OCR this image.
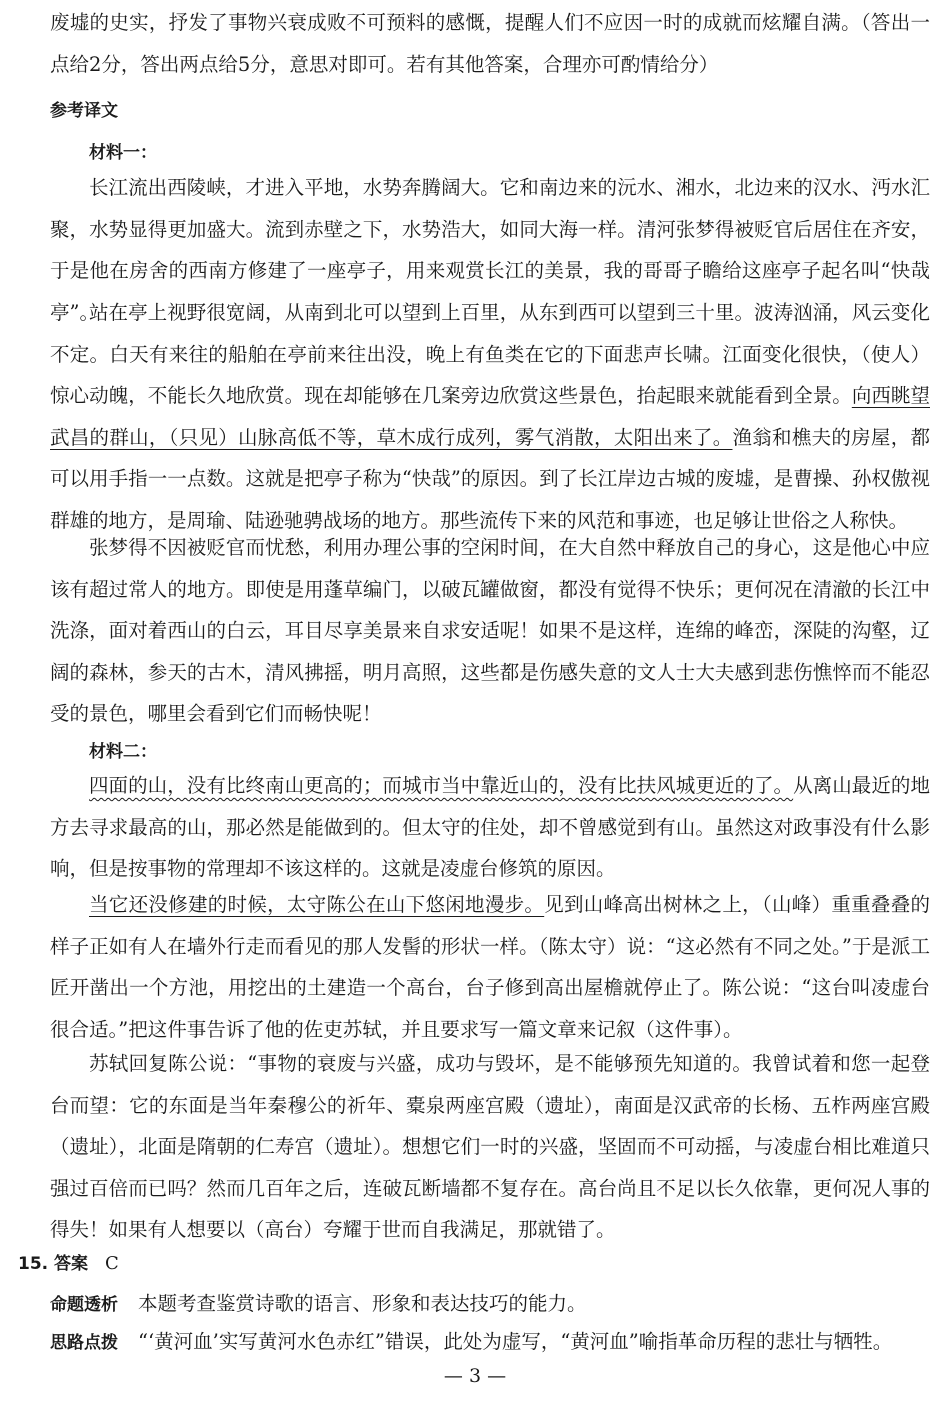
废墟的史实，抒发了事物兴衰成败不可预料的感慨，提醒人们不应因一时的成就而炫耀自满。（答出一点给2分，答出两点给5分，意思对即可。若有其他答案，合理亦可酌情给分）

参考译文
材料一：

长江流出西陵峡，才进入平地，水势奔腾阔大。它和南边来的沅水、湘水，北边来的汉水、沔水汇聚，水势显得更加盛大。流到赤壁之下，水势浩大，如同大海一样。清河张梦得被贬官后居住在齐安，于是他在房舍的西南方修建了一座亭子，用来观赏长江的美景，我的哥哥子瞻给这座亭子起名叫“快哉亭”。

站在亭上视野很宽阔，从南到北可以望到上百里，从东到西可以望到三十里。波涛汹涌，风云变化不定。白天有来往的船舶在亭前来往出没，晚上有鱼类在它的下面悲声长啸。江面变化很快，（使人）惊心动魄，不能长久地欣赏。现在却能够在几案旁边欣赏这些景色，抬起眼来就能看到全景。向西眺望武昌的群山，（只见）山脉高低不等，草木成行成列，雾气消散，太阳出来了。渔翁和樵夫的房屋，都可以用手指一一点数。这就是把亭子称为“快哉”的原因。到了长江岸边古城的废墟，是曹操、孙权傲视群雄的地方，是周瑜、陆逊驰骋战场的地方。那些流传下来的风范和事迹，也足够让世俗之人称快。

张梦得不因被贬官而忧愁，利用办理公事的空闲时间，在大自然中释放自己的身心，这是他心中应该有超过常人的地方。即使是用蓬草编门，以破瓦罐做窗，都没有觉得不快乐；更何况在清澈的长江中洗涤，面对着西山的白云，耳目尽享美景来自求安适呢！如果不是这样，连绵的峰峦，深陡的沟壑，辽阔的森林，参天的古木，清风拂摇，明月高照，这些都是伤感失意的文人士大夫感到悲伤憔悴而不能忍受的景色，哪里会看到它们而畅快呢！

材料二：

四面的山，没有比终南山更高的；而城市当中靠近山的，没有比扶风城更近的了。从离山最近的地方去寻求最高的山，那必然是能做到的。但太守的住处，却不曾感觉到有山。虽然这对政事没有什么影响，但是按事物的常理却不该这样的。这就是凌虚台修筑的原因。

当它还没修建的时候，太守陈公在山下悠闲地漫步。见到山峰高出树林之上，（山峰）重重叠叠的样子正如有人在墙外行走而看见的那人发髻的形状一样。（陈太守）说：“这必然有不同之处。”于是派工匠开凿出一个方池，用挖出的土建造一个高台，台子修到高出屋檐就停止了。陈公说：“这台叫凌虚台很合适。”把这件事告诉了他的佐吏苏轼，并且要求写一篇文章来记叙（这件事）。

苏轼回复陈公说：“事物的衰废与兴盛，成功与毁坏，是不能够预先知道的。我曾试着和您一起登台而望：它的东面是当年秦穆公的祈年、橐泉两座宫殿（遗址），南面是汉武帝的长杨、五柞两座宫殿（遗址），北面是隋朝的仁寿宫（遗址）。想想它们一时的兴盛，坚固而不可动摇，与凌虚台相比难道只强过百倍而已吗？然而几百年之后，连破瓦断墙都不复存在。高台尚且不足以长久依靠，更何况人事的得失！如果有人想要以（高台）夸耀于世而自我满足，那就错了。

15. 答案 C
命题透析 本题考查鉴赏诗歌的语言、形象和表达技巧的能力。
思路点拨 “‘黄河血’实写黄河水色赤红”错误，此处为虚写，“黄河血”喻指革命历程的悲壮与牺牲。
— 3 —
